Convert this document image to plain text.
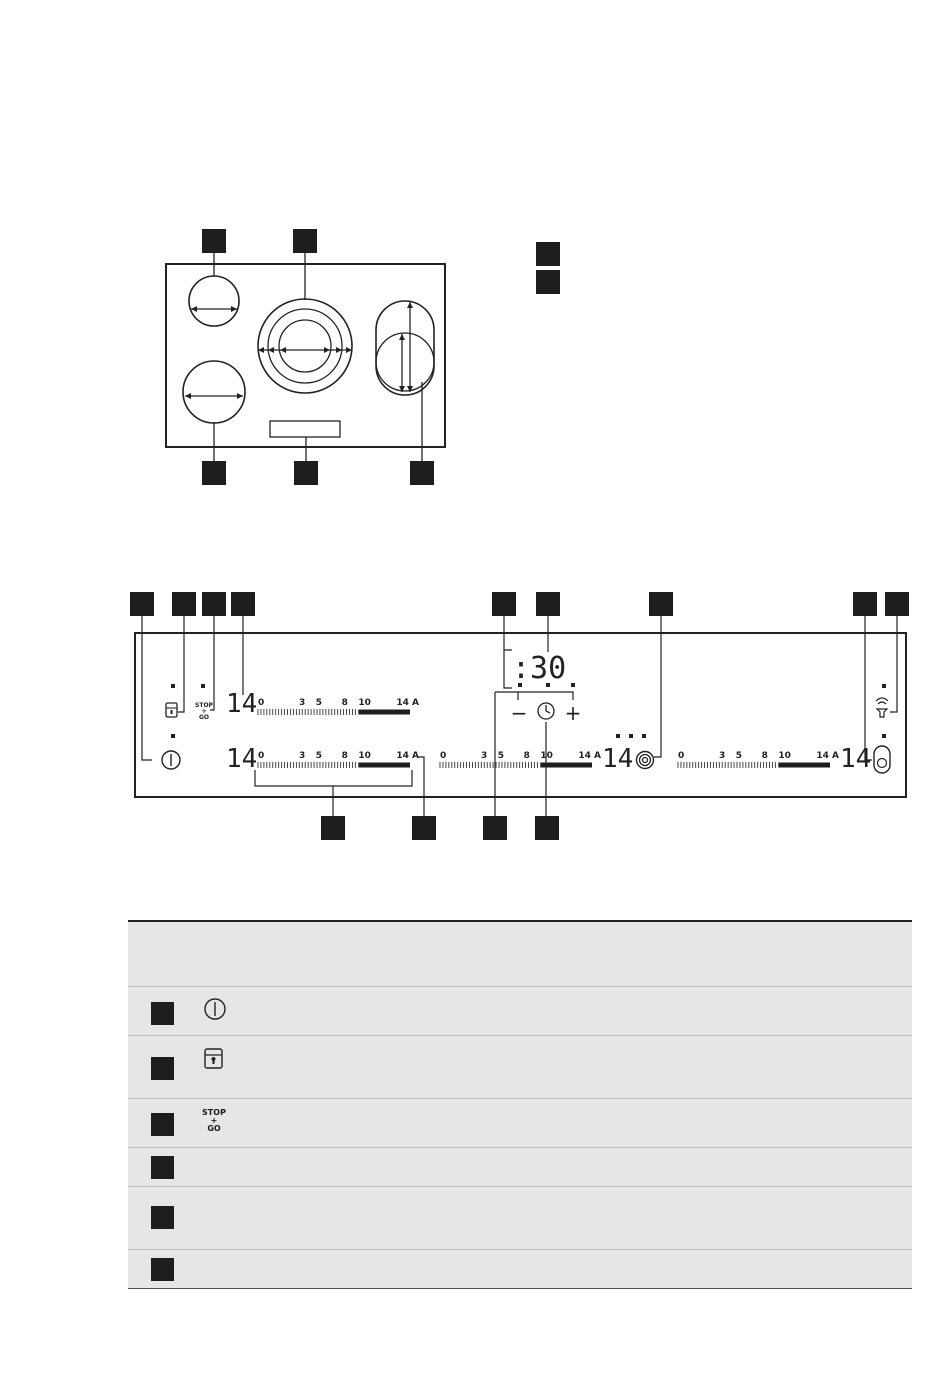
STOP
+
GO
:30
− +
14
14	14	14
0	3 5 8 10	14 A
0	3 5 8 10	14 A 0	3 5 8 10	14 A	0	3 5 8 10	14 A
STOP
+
GO
